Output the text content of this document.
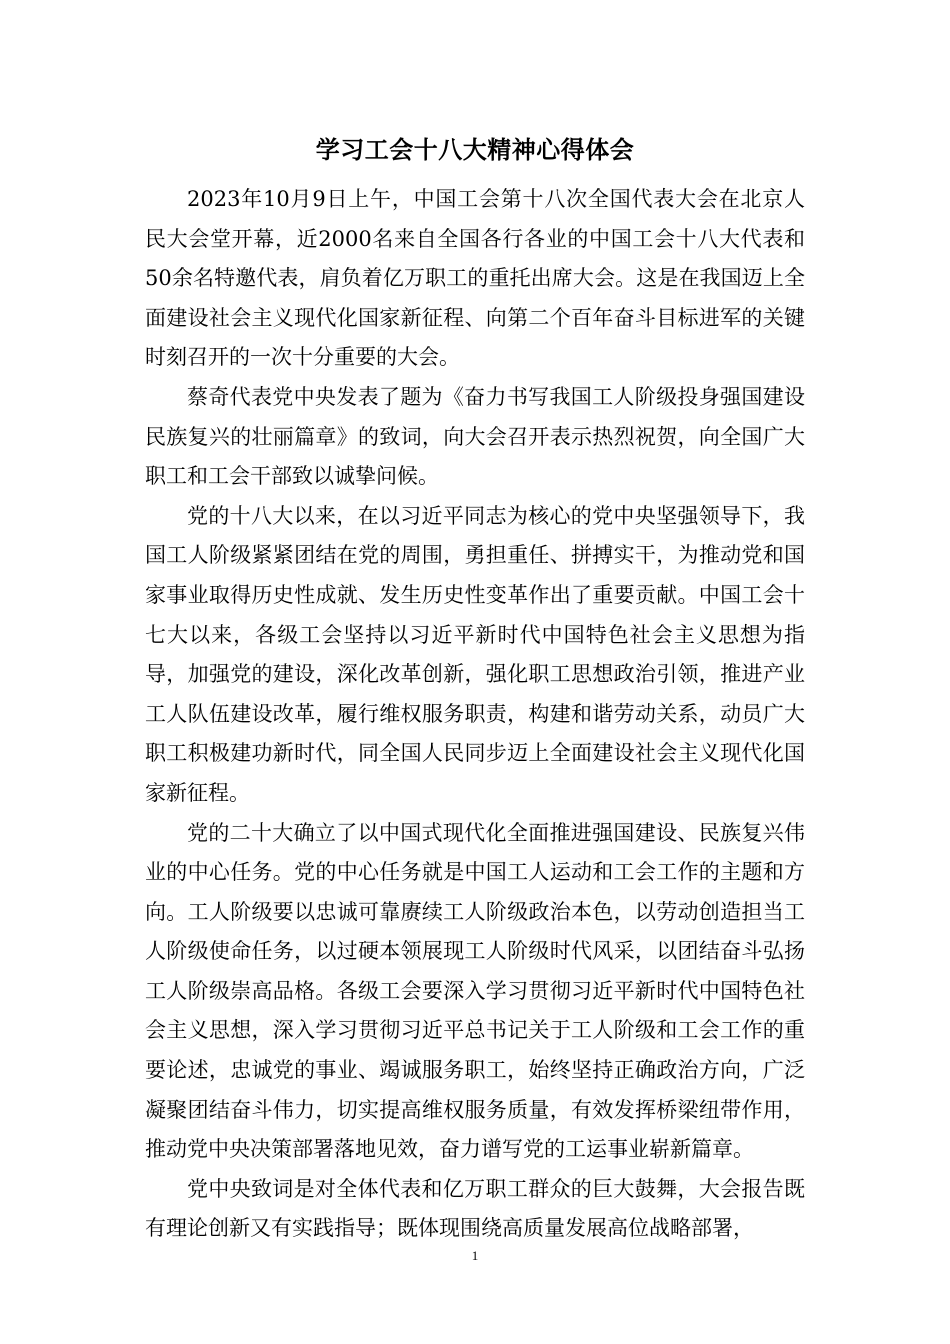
学习工会十八大精神心得体会

2023年10月9日上午，中国工会第十八次全国代表大会在北京人民大会堂开幕，近2000名来自全国各行各业的中国工会十八大代表和50余名特邀代表，肩负着亿万职工的重托出席大会。这是在我国迈上全面建设社会主义现代化国家新征程、向第二个百年奋斗目标进军的关键时刻召开的一次十分重要的大会。

蔡奇代表党中央发表了题为《奋力书写我国工人阶级投身强国建设民族复兴的壮丽篇章》的致词，向大会召开表示热烈祝贺，向全国广大职工和工会干部致以诚挚问候。

党的十八大以来，在以习近平同志为核心的党中央坚强领导下，我国工人阶级紧紧团结在党的周围，勇担重任、拼搏实干，为推动党和国家事业取得历史性成就、发生历史性变革作出了重要贡献。中国工会十七大以来，各级工会坚持以习近平新时代中国特色社会主义思想为指导，加强党的建设，深化改革创新，强化职工思想政治引领，推进产业工人队伍建设改革，履行维权服务职责，构建和谐劳动关系，动员广大职工积极建功新时代，同全国人民同步迈上全面建设社会主义现代化国家新征程。

党的二十大确立了以中国式现代化全面推进强国建设、民族复兴伟业的中心任务。党的中心任务就是中国工人运动和工会工作的主题和方向。工人阶级要以忠诚可靠赓续工人阶级政治本色，以劳动创造担当工人阶级使命任务，以过硬本领展现工人阶级时代风采，以团结奋斗弘扬工人阶级崇高品格。各级工会要深入学习贯彻习近平新时代中国特色社会主义思想，深入学习贯彻习近平总书记关于工人阶级和工会工作的重要论述，忠诚党的事业、竭诚服务职工，始终坚持正确政治方向，广泛凝聚团结奋斗伟力，切实提高维权服务质量，有效发挥桥梁纽带作用，推动党中央决策部署落地见效，奋力谱写党的工运事业崭新篇章。

党中央致词是对全体代表和亿万职工群众的巨大鼓舞，大会报告既有理论创新又有实践指导；既体现围绕高质量发展高位战略部署，

1
